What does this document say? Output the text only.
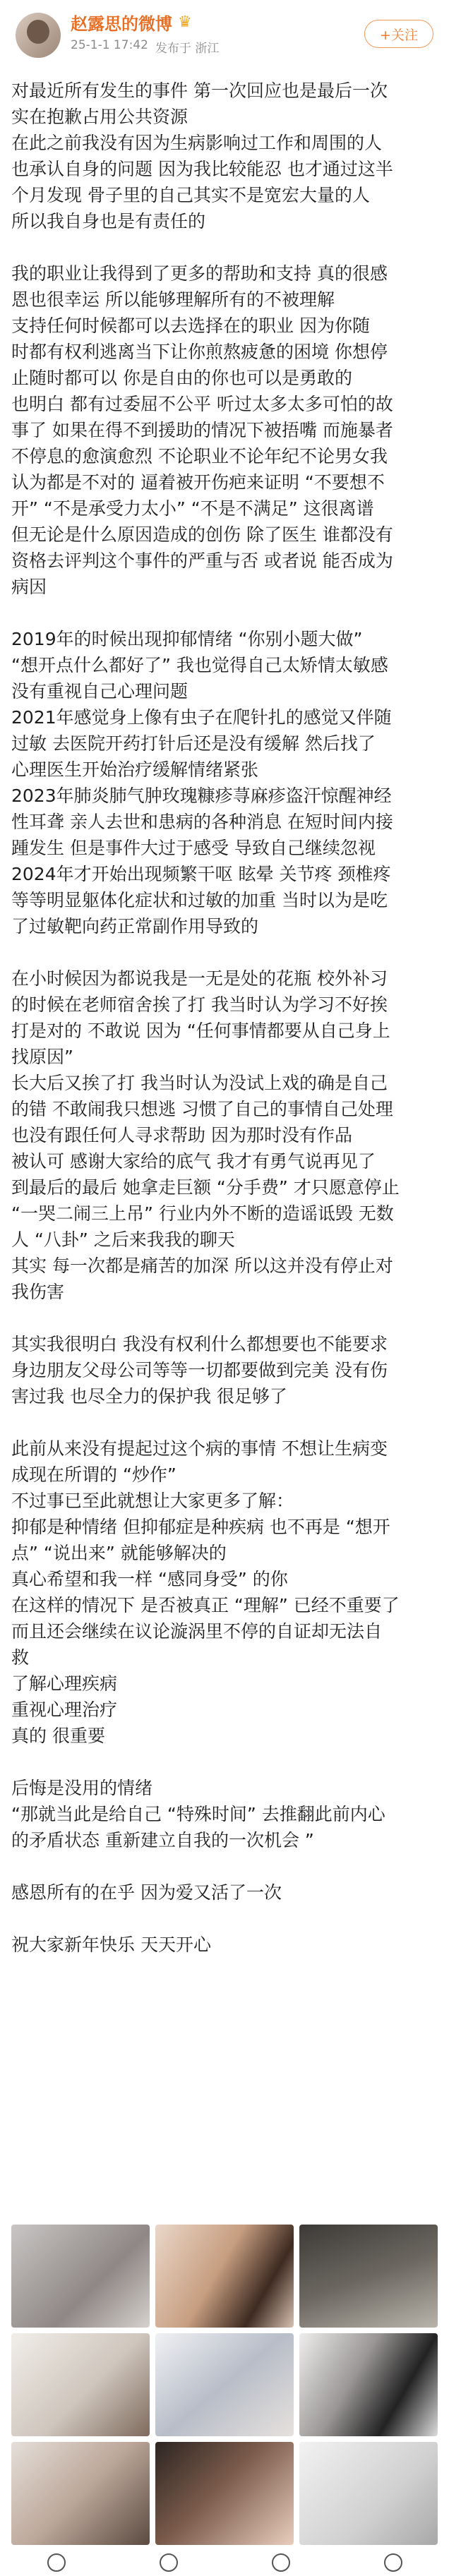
赵露思的微博 ♛
25-1-1 17:42 发布于 浙江
+关注

对最近所有发生的事件 第一次回应也是最后一次
实在抱歉占用公共资源
在此之前我没有因为生病影响过工作和周围的人
也承认自身的问题 因为我比较能忍 也才通过这半
个月发现 骨子里的自己其实不是宽宏大量的人
所以我自身也是有责任的

我的职业让我得到了更多的帮助和支持 真的很感
恩也很幸运 所以能够理解所有的不被理解
支持任何时候都可以去选择在的职业 因为你随
时都有权利逃离当下让你煎熬疲惫的困境 你想停
止随时都可以 你是自由的你也可以是勇敢的
也明白 都有过委屈不公平 听过太多太多可怕的故
事了 如果在得不到援助的情况下被捂嘴 而施暴者
不停息的愈演愈烈 不论职业不论年纪不论男女我
认为都是不对的 逼着被开伤疤来证明 “不要想不
开” “不是承受力太小” “不是不满足” 这很离谱
但无论是什么原因造成的创伤 除了医生 谁都没有
资格去评判这个事件的严重与否 或者说 能否成为
病因

2019年的时候出现抑郁情绪 “你别小题大做”
“想开点什么都好了” 我也觉得自己太矫情太敏感
没有重视自己心理问题
2021年感觉身上像有虫子在爬针扎的感觉又伴随
过敏 去医院开药打针后还是没有缓解 然后找了
心理医生开始治疗缓解情绪紧张
2023年肺炎肺气肿玫瑰糠疹荨麻疹盗汗惊醒神经
性耳聋 亲人去世和患病的各种消息 在短时间内接
踵发生 但是事件大过于感受 导致自己继续忽视
2024年才开始出现频繁干呕 眩晕 关节疼 颈椎疼
等等明显躯体化症状和过敏的加重 当时以为是吃
了过敏靶向药正常副作用导致的

在小时候因为都说我是一无是处的花瓶 校外补习
的时候在老师宿舍挨了打 我当时认为学习不好挨
打是对的 不敢说 因为 “任何事情都要从自己身上
找原因”
长大后又挨了打 我当时认为没试上戏的确是自己
的错 不敢闹我只想逃 习惯了自己的事情自己处理
也没有跟任何人寻求帮助 因为那时没有作品
被认可 感谢大家给的底气 我才有勇气说再见了
到最后的最后 她拿走巨额 “分手费” 才只愿意停止
“一哭二闹三上吊” 行业内外不断的造谣诋毁 无数
人 “八卦” 之后来我我的聊天
其实 每一次都是痛苦的加深 所以这并没有停止对
我伤害

其实我很明白 我没有权利什么都想要也不能要求
身边朋友父母公司等等一切都要做到完美 没有伤
害过我 也尽全力的保护我 很足够了

此前从来没有提起过这个病的事情 不想让生病变
成现在所谓的 “炒作”
不过事已至此就想让大家更多了解：
抑郁是种情绪 但抑郁症是种疾病 也不再是 “想开
点” “说出来” 就能够解决的
真心希望和我一样 “感同身受” 的你
在这样的情况下 是否被真正 “理解” 已经不重要了
而且还会继续在议论漩涡里不停的自证却无法自
救
了解心理疾病
重视心理治疗
真的 很重要

后悔是没用的情绪
“那就当此是给自己 “特殊时间” 去推翻此前内心
的矛盾状态 重新建立自我的一次机会 ”

感恩所有的在乎 因为爱又活了一次

祝大家新年快乐 天天开心
